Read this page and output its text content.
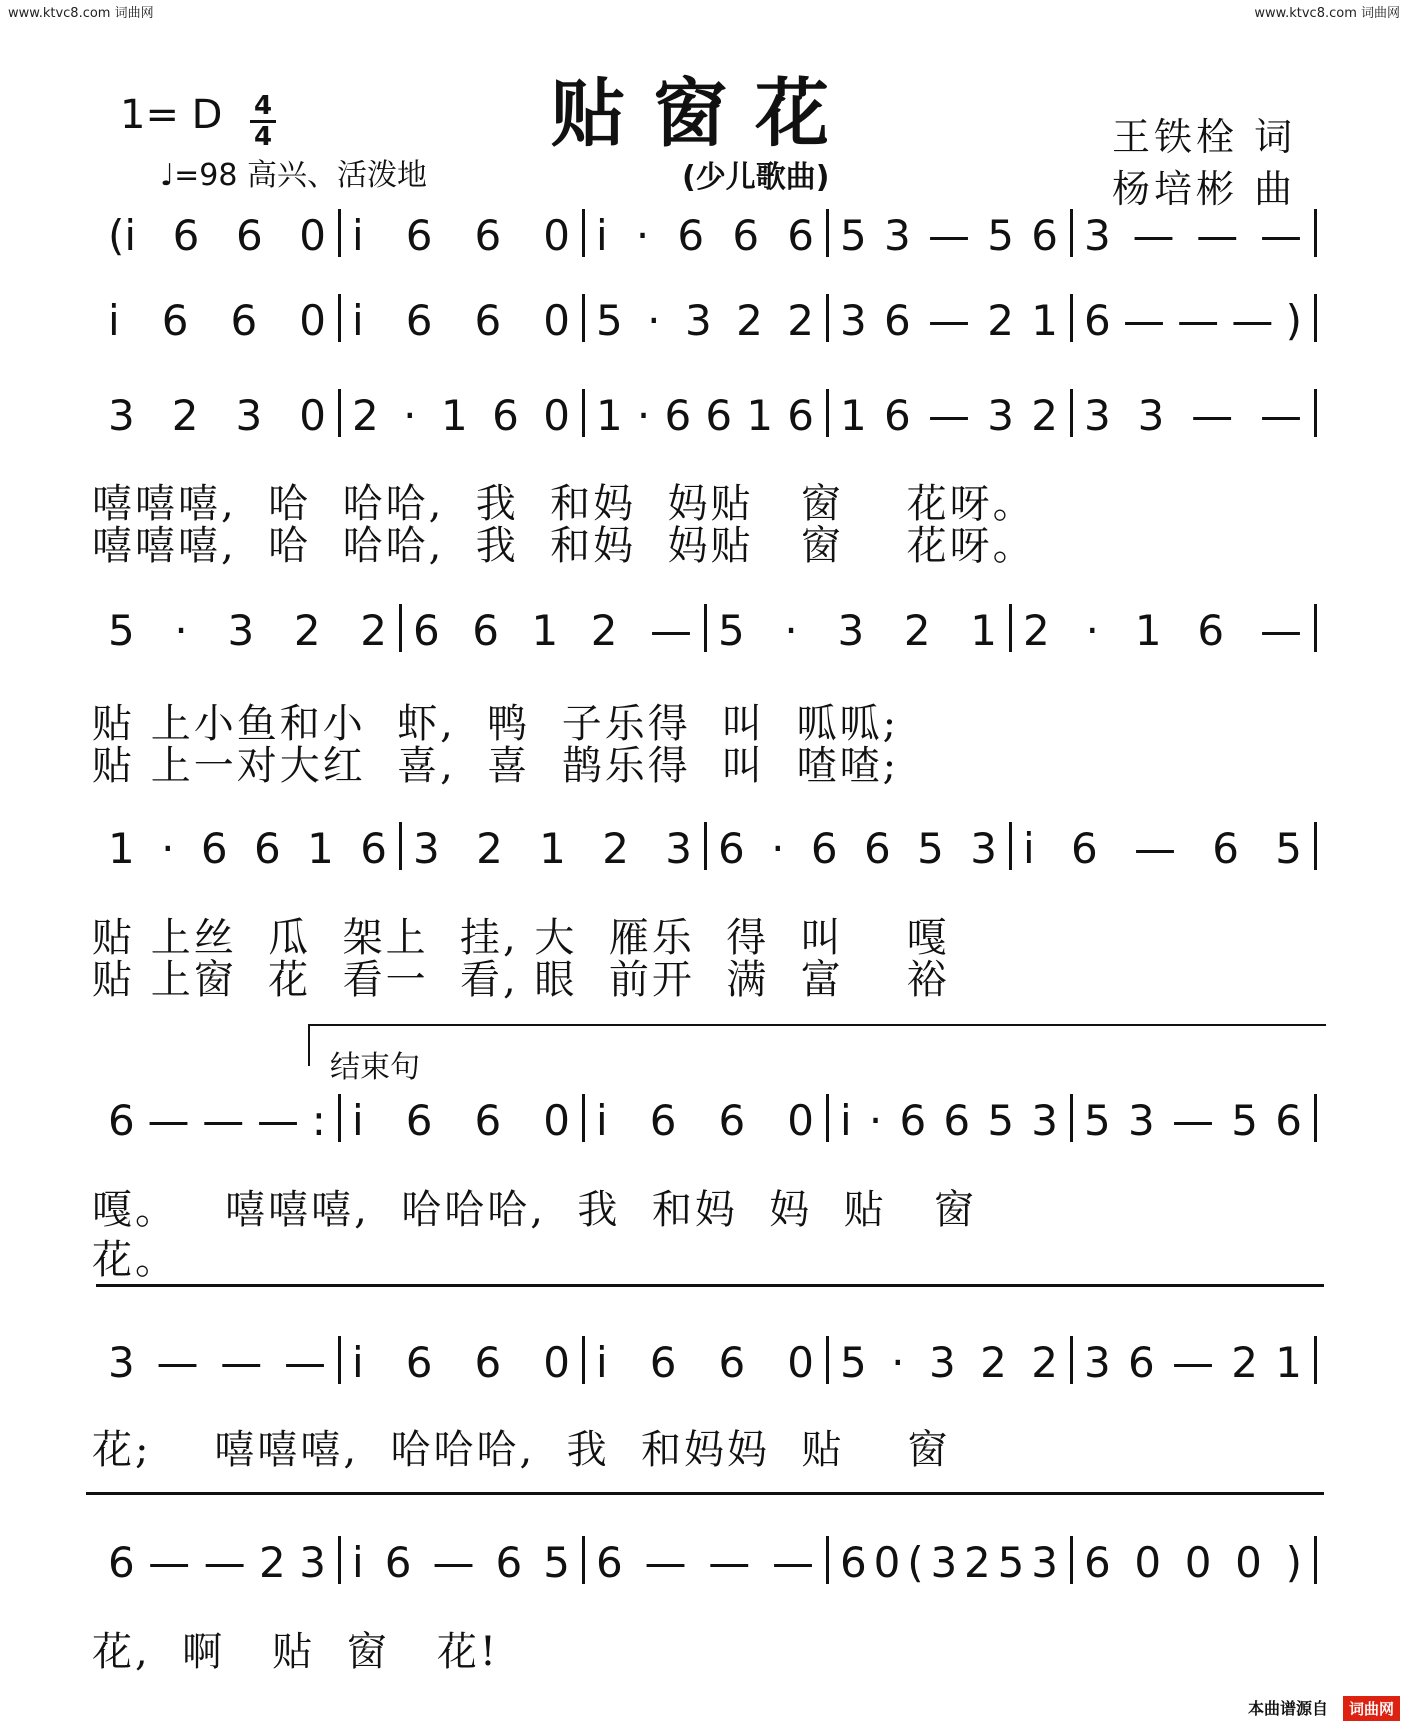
www.ktvc8.com 词曲网	www.ktvc8.com 词曲网
贴窗花
1= D 4
4
♩=98 高兴、活泼地	(少儿歌曲)
王铁栓 词
杨培彬 曲
结束句
(i 6 6 0 i 6 6 0 i · 6 6 6 5 3 — 5 6 3 — — —
i 6 6 0 i 6 6 0 5 · 3 2 2 3 6 — 2 1 6 — — — )
3 2 3 0 2 · 1 6 0 1 · 6 6 1 6 1 6 — 3 2 3 3 — —
5 · 3 2 2 6 6 1 2 — 5 · 3 2 1 2 · 1 6 —
1 · 6 6 1 6 3 2 1 2 3 6 · 6 6 5 3 i 6 — 6 5
6 — — — : i 6 6 0 i 6 6 0 i · 6 6 5 3 5 3 — 5 6
3 — — — i 6 6 0 i 6 6 0 5 · 3 2 2 3 6 — 2 1
6 — — 2 3 i 6 — 6 5 6 — — — 6 0 ( 3 2 5 3 6 0 0 0 )
嘻嘻嘻,  哈  哈哈,  我  和妈  妈贴   窗    花呀。
嘻嘻嘻,  哈  哈哈,  我  和妈  妈贴   窗    花呀。
贴 上小鱼和小  虾,  鸭  子乐得  叫  呱呱;
贴 上一对大红  喜,  喜  鹊乐得  叫  喳喳;
贴 上丝  瓜  架上  挂, 大  雁乐  得  叫    嘎
贴 上窗  花  看一  看, 眼  前开  满  富    裕
嘎。   嘻嘻嘻,  哈哈哈,  我  和妈  妈  贴   窗
花。
花;    嘻嘻嘻,  哈哈哈,  我  和妈妈  贴    窗
花,  啊   贴  窗   花!
本曲谱源自	词曲网
